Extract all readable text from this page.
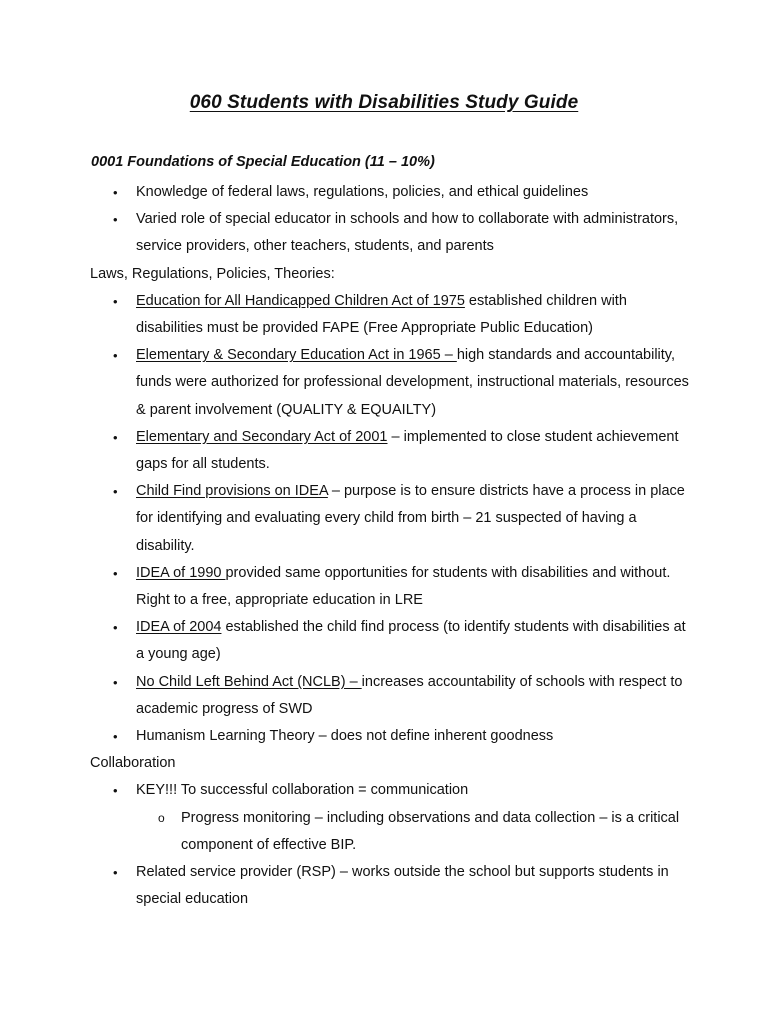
060 Students with Disabilities Study Guide
0001 Foundations of Special Education (11 – 10%)
• Knowledge of federal laws, regulations, policies, and ethical guidelines
• Varied role of special educator in schools and how to collaborate with administrators, service providers, other teachers, students, and parents

Laws, Regulations, Policies, Theories:

• Education for All Handicapped Children Act of 1975 established children with disabilities must be provided FAPE (Free Appropriate Public Education)
• Elementary & Secondary Education Act in 1965 – high standards and accountability, funds were authorized for professional development, instructional materials, resources & parent involvement (QUALITY & EQUAILTY)
• Elementary and Secondary Act of 2001 – implemented to close student achievement gaps for all students.
• Child Find provisions on IDEA – purpose is to ensure districts have a process in place for identifying and evaluating every child from birth – 21 suspected of having a disability.
• IDEA of 1990 provided same opportunities for students with disabilities and without. Right to a free, appropriate education in LRE
• IDEA of 2004 established the child find process (to identify students with disabilities at a young age)
• No Child Left Behind Act (NCLB) – increases accountability of schools with respect to academic progress of SWD
• Humanism Learning Theory – does not define inherent goodness

Collaboration

• KEY!!! To successful collaboration = communication
o Progress monitoring – including observations and data collection – is a critical component of effective BIP.
• Related service provider (RSP) – works outside the school but supports students in special education
